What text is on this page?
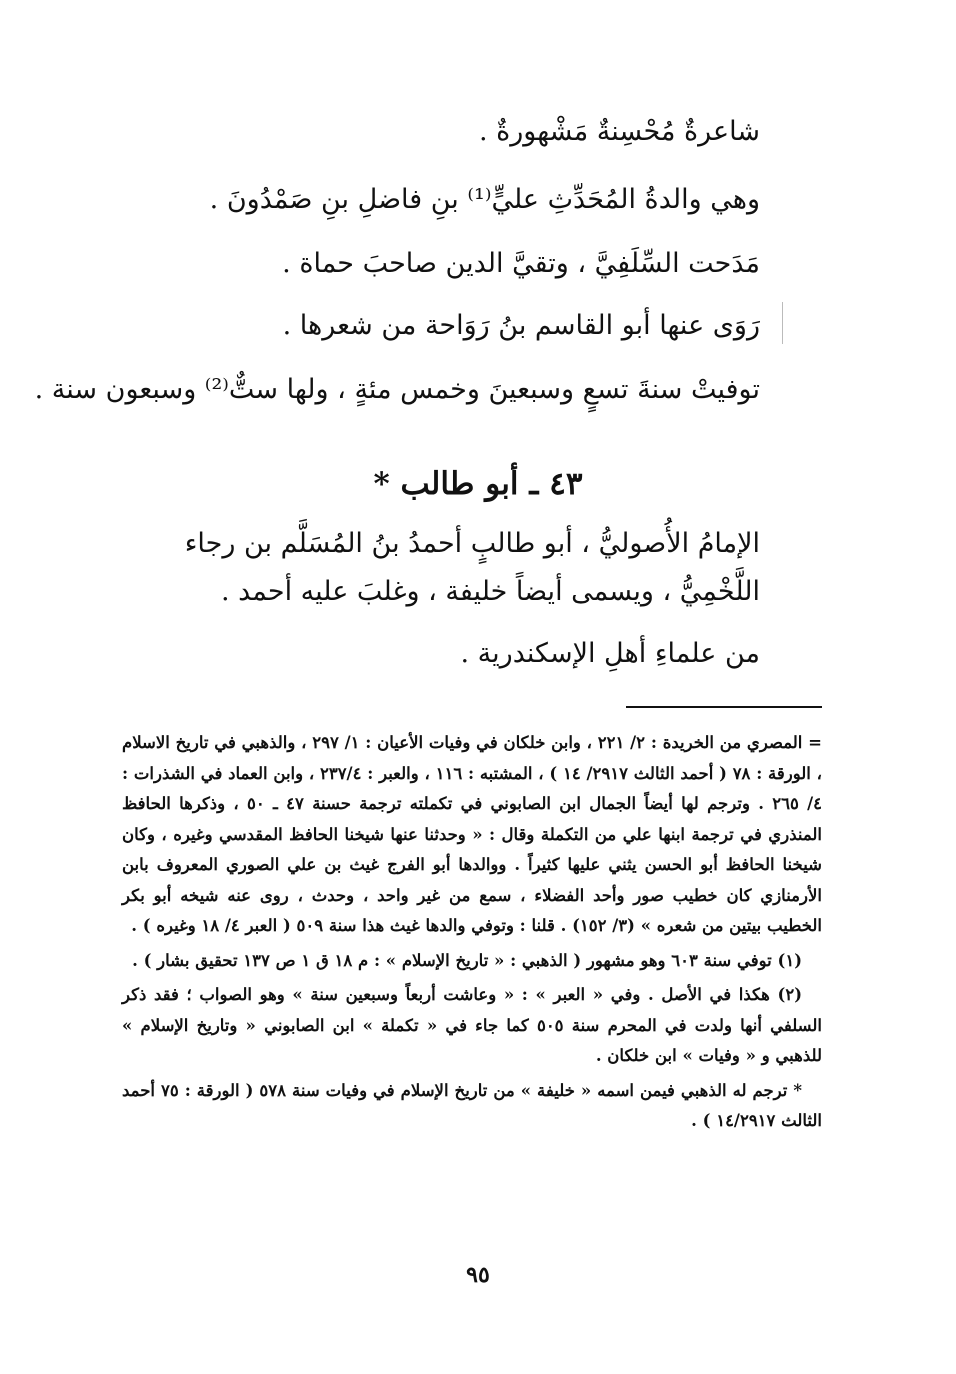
شاعرةٌ مُحْسِنةٌ مَشْهورةٌ .
وهي والدةُ المُحَدِّثِ عليٍّ⁽¹⁾ بنِ فاضلِ بنِ صَمْدُونَ .
مَدَحت السِّلَفِيَّ ، وتقيَّ الدين صاحبَ حماة .
رَوَى عنها أبو القاسم بنُ رَوَاحة من شعرها .
توفيتْ سنةَ تسعٍ وسبعينَ وخمس مئةٍ ، ولها ستٌّ⁽²⁾ وسبعون سنة .
٤٣ ـ أبو طالب *
الإمامُ الأُصوليُّ ، أبو طالبٍ أحمدُ بنُ المُسَلَّم بن رجاء اللَّخْمِيُّ ، ويسمى أيضاً خليفة ، وغلبَ عليه أحمد .
من علماءِ أهلِ الإسكندرية .

= المصري من الخريدة : ٢/ ٢٢١ ، وابن خلكان في وفيات الأعيان : ١/ ٢٩٧ ، والذهبي في تاريخ الاسلام ، الورقة : ٧٨ ( أحمد الثالث ٢٩١٧/ ١٤ ) ، المشتبه : ١١٦ ، والعبر : ٢٣٧/٤ ، وابن العماد في الشذرات : ٤/ ٢٦٥ . وترجم لها أيضاً الجمال ابن الصابوني في تكملته ترجمة حسنة ٤٧ ـ ٥٠ ، وذكرها الحافظ المنذري في ترجمة ابنها علي من التكملة وقال : « وحدثنا عنها شيخنا الحافظ المقدسي وغيره ، وكان شيخنا الحافظ أبو الحسن يثني عليها كثيراً . ووالدها أبو الفرج غيث بن علي الصوري المعروف بابن الأرمنازي كان خطيب صور وأحد الفضلاء ، سمع من غير واحد ، وحدث ، روى عنه شيخه أبو بكر الخطيب بيتين من شعره » (٣/ ١٥٢) . قلنا : وتوفي والدها غيث هذا سنة ٥٠٩ ( العبر ٤/ ١٨ وغيره ) .

(١) توفي سنة ٦٠٣ وهو مشهور ( الذهبي : « تاريخ الإسلام » : م ١٨ ق ١ ص ١٣٧ تحقيق بشار ) .

(٢) هكذا في الأصل . وفي « العبر » : « وعاشت أربعاً وسبعين سنة » وهو الصواب ؛ فقد ذكر السلفي أنها ولدت في المحرم سنة ٥٠٥ كما جاء في « تكملة » ابن الصابوني « وتاريخ الإسلام » للذهبي و « وفيات » ابن خلكان .

* ترجم له الذهبي فيمن اسمه « خليفة » من تاريخ الإسلام في وفيات سنة ٥٧٨ ( الورقة : ٧٥ أحمد الثالث ١٤/٢٩١٧ ) .

٩٥
